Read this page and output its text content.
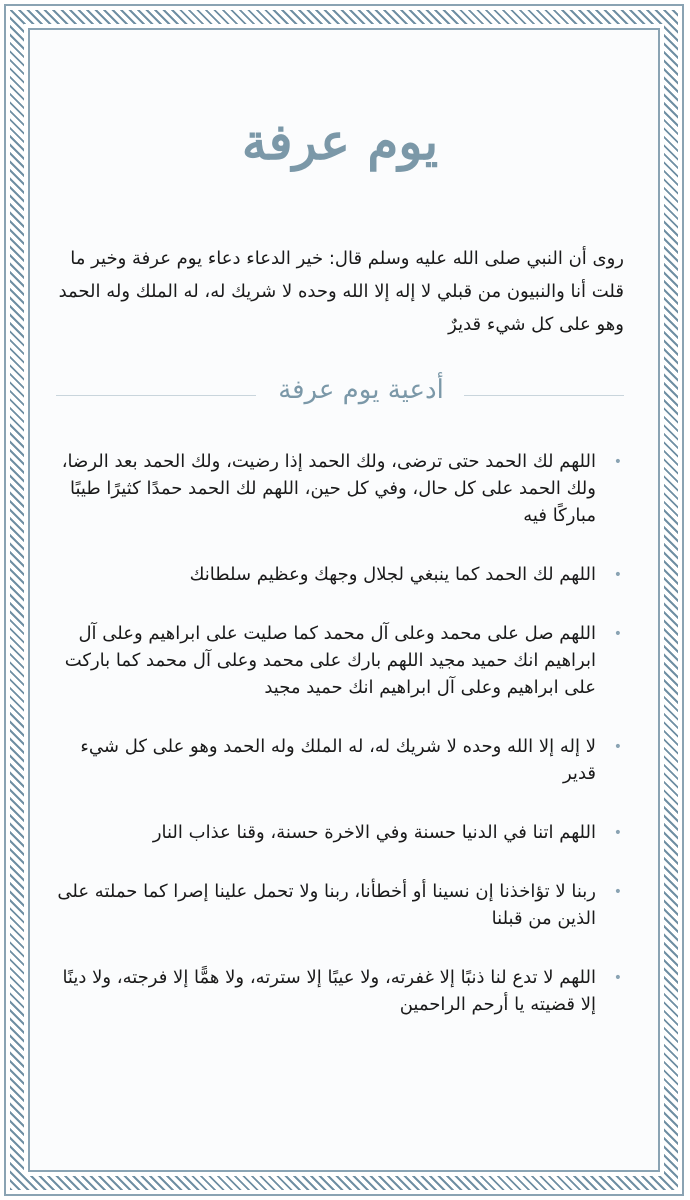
يوم عرفة

روى أن النبي صلى الله عليه وسلم قال: خير الدعاء دعاء يوم عرفة وخير ما قلت أنا والنبيون من قبلي لا إله إلا الله وحده لا شريك له، له الملك وله الحمد وهو على كل شيء قديرٌ

أدعية يوم عرفة
•
اللهم لك الحمد حتى ترضى، ولك الحمد إذا رضيت، ولك الحمد بعد الرضا، ولك الحمد على كل حال، وفي كل حين، اللهم لك الحمد حمدًا كثيرًا طيبًا مباركًا فيه
•
اللهم لك الحمد كما ينبغي لجلال وجهك وعظيم سلطانك
•
اللهم صل على محمد وعلى آل محمد كما صليت على ابراهيم وعلى آل ابراهيم انك حميد مجيد اللهم بارك على محمد وعلى آل محمد كما باركت على ابراهيم وعلى آل ابراهيم انك حميد مجيد
•
لا إله إلا الله وحده لا شريك له، له الملك وله الحمد وهو على كل شيء قدير
•
اللهم اتنا في الدنيا حسنة وفي الاخرة حسنة، وقنا عذاب النار
•
ربنا لا تؤاخذنا إن نسينا أو أخطأنا، ربنا ولا تحمل علينا إصرا كما حملته على الذين من قبلنا
•
اللهم لا تدع لنا ذنبًا إلا غفرته، ولا عيبًا إلا سترته، ولا همًّا إلا فرجته، ولا دينًا إلا قضيته يا أرحم الراحمين
